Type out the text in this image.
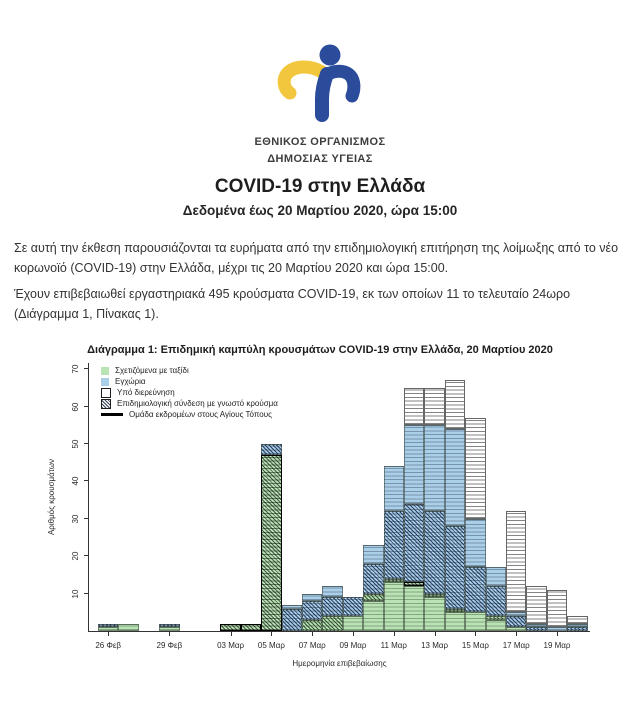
ΕΘΝΙΚΟΣ ΟΡΓΑΝΙΣΜΟΣ
ΔΗΜΟΣΙΑΣ ΥΓΕΙΑΣ
COVID-19 στην Ελλάδα
Δεδομένα έως 20 Μαρτίου 2020, ώρα 15:00
Σε αυτή την έκθεση παρουσιάζονται τα ευρήματα από την επιδημιολογική επιτήρηση της λοίμωξης από το νέο κορωνοϊό (COVID-19) στην Ελλάδα, μέχρι τις 20 Μαρτίου 2020 και ώρα 15:00.
Έχουν επιβεβαιωθεί εργαστηριακά 495 κρούσματα COVID-19, εκ των οποίων 11 το τελευταίο 24ωρο (Διάγραμμα 1, Πίνακας 1).
Διάγραμμα 1: Επιδημική καμπύλη κρουσμάτων COVID-19 στην Ελλάδα, 20 Μαρτίου 2020
Αριθμός κρουσμάτων
Ημερομηνία επιβεβαίωσης
Σχετιζόμενα με ταξίδι
Εγχώρια
Υπό διερεύνηση
Επιδημιολογική σύνδεση με γνωστό κρούσμα
Ομάδα εκδρομέων στους Αγίους Τόπους
10
20
30
40
50
60
70
26 Φεβ	29 Φεβ	03 Μαρ	05 Μαρ	07 Μαρ	09 Μαρ	11 Μαρ	13 Μαρ	15 Μαρ	17 Μαρ	19 Μαρ
